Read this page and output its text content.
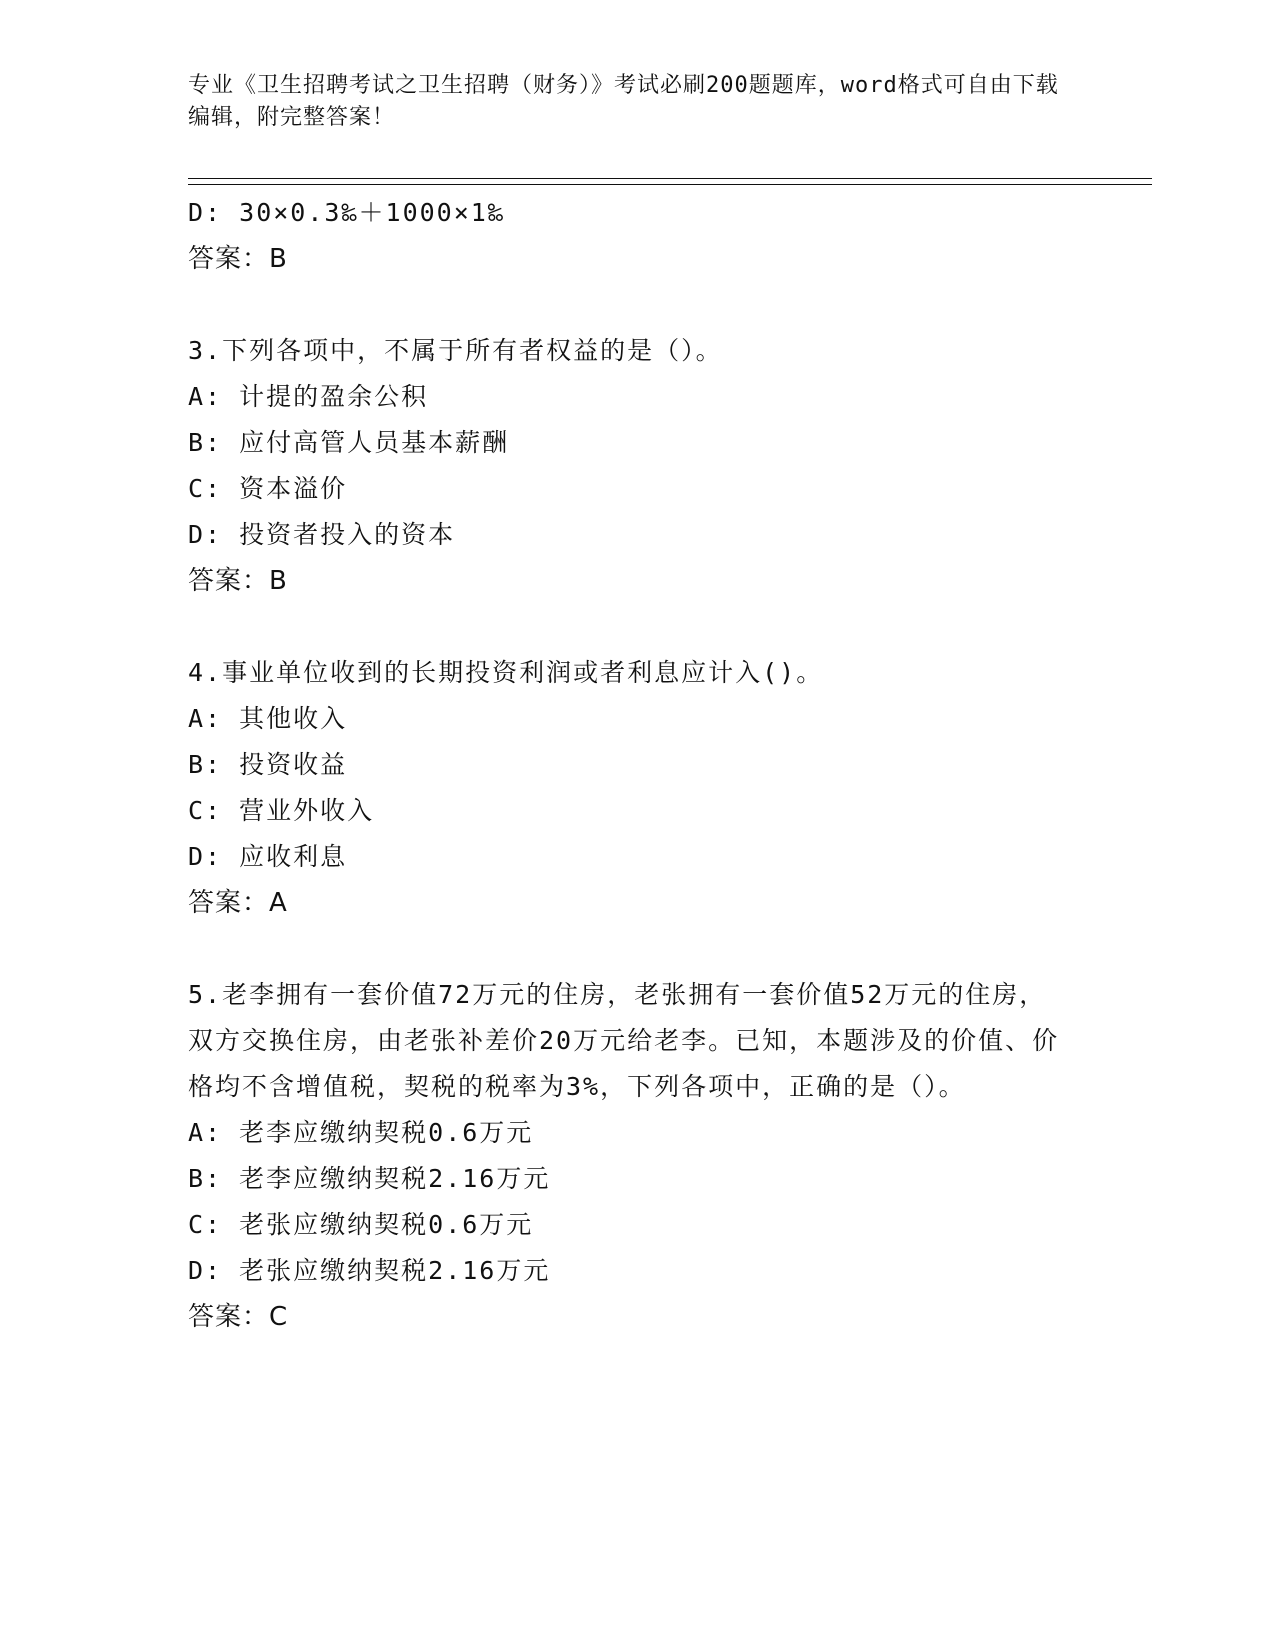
专业《卫生招聘考试之卫生招聘（财务）》考试必刷200题题库，word格式可自由下载编辑，附完整答案！
D: 30×0.3‰＋1000×1‰
答案：B
3.下列各项中，不属于所有者权益的是（）。
A: 计提的盈余公积
B: 应付高管人员基本薪酬
C: 资本溢价
D: 投资者投入的资本
答案：B
4.事业单位收到的长期投资利润或者利息应计入()。
A: 其他收入
B: 投资收益
C: 营业外收入
D: 应收利息
答案：A
5.老李拥有一套价值72万元的住房，老张拥有一套价值52万元的住房，双方交换住房，由老张补差价20万元给老李。已知，本题涉及的价值、价格均不含增值税，契税的税率为3%，下列各项中，正确的是（）。
A: 老李应缴纳契税0.6万元
B: 老李应缴纳契税2.16万元
C: 老张应缴纳契税0.6万元
D: 老张应缴纳契税2.16万元
答案：C
